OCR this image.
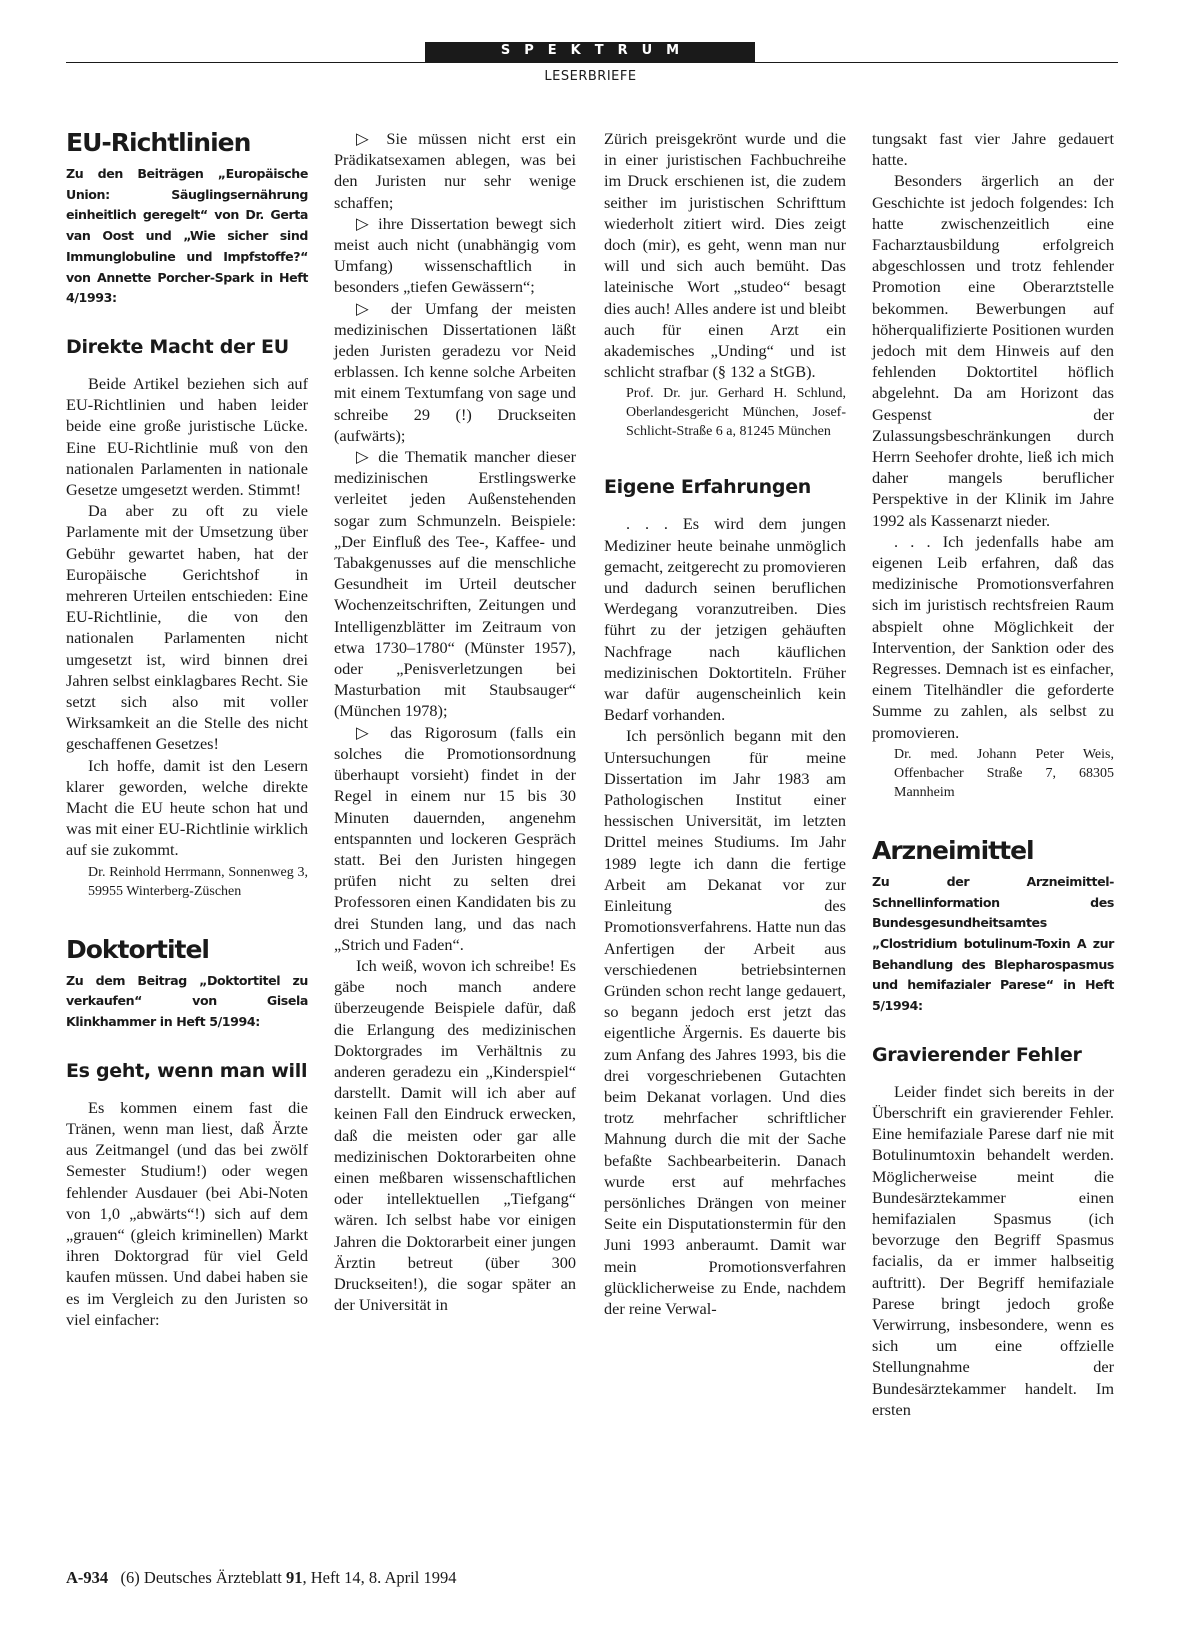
SPEKTRUM
LESERBRIEFE
EU-Richtlinien

Zu den Beiträgen „Europäische Union: Säuglingsernährung einheitlich geregelt“ von Dr. Gerta van Oost und „Wie sicher sind Immunglobuline und Impfstoffe?“ von Annette Porcher-Spark in Heft 4/1993:

Direkte Macht der EU

Beide Artikel beziehen sich auf EU-Richtlinien und haben leider beide eine große juristische Lücke. Eine EU-Richtlinie muß von den nationalen Parlamenten in nationale Gesetze umgesetzt werden. Stimmt!

Da aber zu oft zu viele Parlamente mit der Umsetzung über Gebühr gewartet haben, hat der Europäische Gerichtshof in mehreren Urteilen entschieden: Eine EU-Richtlinie, die von den nationalen Parlamenten nicht umgesetzt ist, wird binnen drei Jahren selbst einklagbares Recht. Sie setzt sich also mit voller Wirksamkeit an die Stelle des nicht geschaffenen Gesetzes!

Ich hoffe, damit ist den Lesern klarer geworden, welche direkte Macht die EU heute schon hat und was mit einer EU-Richtlinie wirklich auf sie zukommt.

Dr. Reinhold Herrmann, Sonnenweg 3, 59955 Winterberg-Züschen

Doktortitel

Zu dem Beitrag „Doktortitel zu verkaufen“ von Gisela Klinkhammer in Heft 5/1994:

Es geht, wenn man will

Es kommen einem fast die Tränen, wenn man liest, daß Ärzte aus Zeitmangel (und das bei zwölf Semester Studium!) oder wegen fehlender Ausdauer (bei Abi-Noten von 1,0 „abwärts“!) sich auf dem „grauen“ (gleich kriminellen) Markt ihren Doktorgrad für viel Geld kaufen müssen. Und dabei haben sie es im Vergleich zu den Juristen so viel einfacher:

▷ Sie müssen nicht erst ein Prädikatsexamen ablegen, was bei den Juristen nur sehr wenige schaffen;

▷ ihre Dissertation bewegt sich meist auch nicht (unabhängig vom Umfang) wissenschaftlich in besonders „tiefen Gewässern“;

▷ der Umfang der meisten medizinischen Dissertationen läßt jeden Juristen geradezu vor Neid erblassen. Ich kenne solche Arbeiten mit einem Textumfang von sage und schreibe 29 (!) Druckseiten (aufwärts);

▷ die Thematik mancher dieser medizinischen Erstlingswerke verleitet jeden Außenstehenden sogar zum Schmunzeln. Beispiele: „Der Einfluß des Tee-, Kaffee- und Tabakgenusses auf die menschliche Gesundheit im Urteil deutscher Wochenzeitschriften, Zeitungen und Intelligenzblätter im Zeitraum von etwa 1730–1780“ (Münster 1957), oder „Penisverletzungen bei Masturbation mit Staubsauger“ (München 1978);

▷ das Rigorosum (falls ein solches die Promotionsordnung überhaupt vorsieht) findet in der Regel in einem nur 15 bis 30 Minuten dauernden, angenehm entspannten und lockeren Gespräch statt. Bei den Juristen hingegen prüfen nicht zu selten drei Professoren einen Kandidaten bis zu drei Stunden lang, und das nach „Strich und Faden“.

Ich weiß, wovon ich schreibe! Es gäbe noch manch andere überzeugende Beispiele dafür, daß die Erlangung des medizinischen Doktorgrades im Verhältnis zu anderen geradezu ein „Kinderspiel“ darstellt. Damit will ich aber auf keinen Fall den Eindruck erwecken, daß die meisten oder gar alle medizinischen Doktorarbeiten ohne einen meßbaren wissenschaftlichen oder intellektuellen „Tiefgang“ wären. Ich selbst habe vor einigen Jahren die Doktorarbeit einer jungen Ärztin betreut (über 300 Druckseiten!), die sogar später an der Universität in

Zürich preisgekrönt wurde und die in einer juristischen Fachbuchreihe im Druck erschienen ist, die zudem seither im juristischen Schrifttum wiederholt zitiert wird. Dies zeigt doch (mir), es geht, wenn man nur will und sich auch bemüht. Das lateinische Wort „studeo“ besagt dies auch! Alles andere ist und bleibt auch für einen Arzt ein akademisches „Unding“ und ist schlicht strafbar (§ 132 a StGB).

Prof. Dr. jur. Gerhard H. Schlund, Oberlandesgericht München, Josef-Schlicht-Straße 6 a, 81245 München

Eigene Erfahrungen

. . . Es wird dem jungen Mediziner heute beinahe unmöglich gemacht, zeitgerecht zu promovieren und dadurch seinen beruflichen Werdegang voranzutreiben. Dies führt zu der jetzigen gehäuften Nachfrage nach käuflichen medizinischen Doktortiteln. Früher war dafür augenscheinlich kein Bedarf vorhanden.

Ich persönlich begann mit den Untersuchungen für meine Dissertation im Jahr 1983 am Pathologischen Institut einer hessischen Universität, im letzten Drittel meines Studiums. Im Jahr 1989 legte ich dann die fertige Arbeit am Dekanat vor zur Einleitung des Promotionsverfahrens. Hatte nun das Anfertigen der Arbeit aus verschiedenen betriebsinternen Gründen schon recht lange gedauert, so begann jedoch erst jetzt das eigentliche Ärgernis. Es dauerte bis zum Anfang des Jahres 1993, bis die drei vorgeschriebenen Gutachten beim Dekanat vorlagen. Und dies trotz mehrfacher schriftlicher Mahnung durch die mit der Sache befaßte Sachbearbeiterin. Danach wurde erst auf mehrfaches persönliches Drängen von meiner Seite ein Disputationstermin für den Juni 1993 anberaumt. Damit war mein Promotionsverfahren glücklicherweise zu Ende, nachdem der reine Verwal-

tungsakt fast vier Jahre gedauert hatte.

Besonders ärgerlich an der Geschichte ist jedoch folgendes: Ich hatte zwischenzeitlich eine Facharztausbildung erfolgreich abgeschlossen und trotz fehlender Promotion eine Oberarztstelle bekommen. Bewerbungen auf höherqualifizierte Positionen wurden jedoch mit dem Hinweis auf den fehlenden Doktortitel höflich abgelehnt. Da am Horizont das Gespenst der Zulassungsbeschränkungen durch Herrn Seehofer drohte, ließ ich mich daher mangels beruflicher Perspektive in der Klinik im Jahre 1992 als Kassenarzt nieder.

. . . Ich jedenfalls habe am eigenen Leib erfahren, daß das medizinische Promotionsverfahren sich im juristisch rechtsfreien Raum abspielt ohne Möglichkeit der Intervention, der Sanktion oder des Regresses. Demnach ist es einfacher, einem Titelhändler die geforderte Summe zu zahlen, als selbst zu promovieren.

Dr. med. Johann Peter Weis, Offenbacher Straße 7, 68305 Mannheim

Arzneimittel

Zu der Arzneimittel-Schnellinformation des Bundesgesundheitsamtes „Clostridium botulinum-Toxin A zur Behandlung des Blepharospasmus und hemifazialer Parese“ in Heft 5/1994:

Gravierender Fehler

Leider findet sich bereits in der Überschrift ein gravierender Fehler. Eine hemifaziale Parese darf nie mit Botulinumtoxin behandelt werden. Möglicherweise meint die Bundesärztekammer einen hemifazialen Spasmus (ich bevorzuge den Begriff Spasmus facialis, da er immer halbseitig auftritt). Der Begriff hemifaziale Parese bringt jedoch große Verwirrung, insbesondere, wenn es sich um eine offzielle Stellungnahme der Bundesärztekammer handelt. Im ersten

A-934 (6) Deutsches Ärzteblatt 91, Heft 14, 8. April 1994
